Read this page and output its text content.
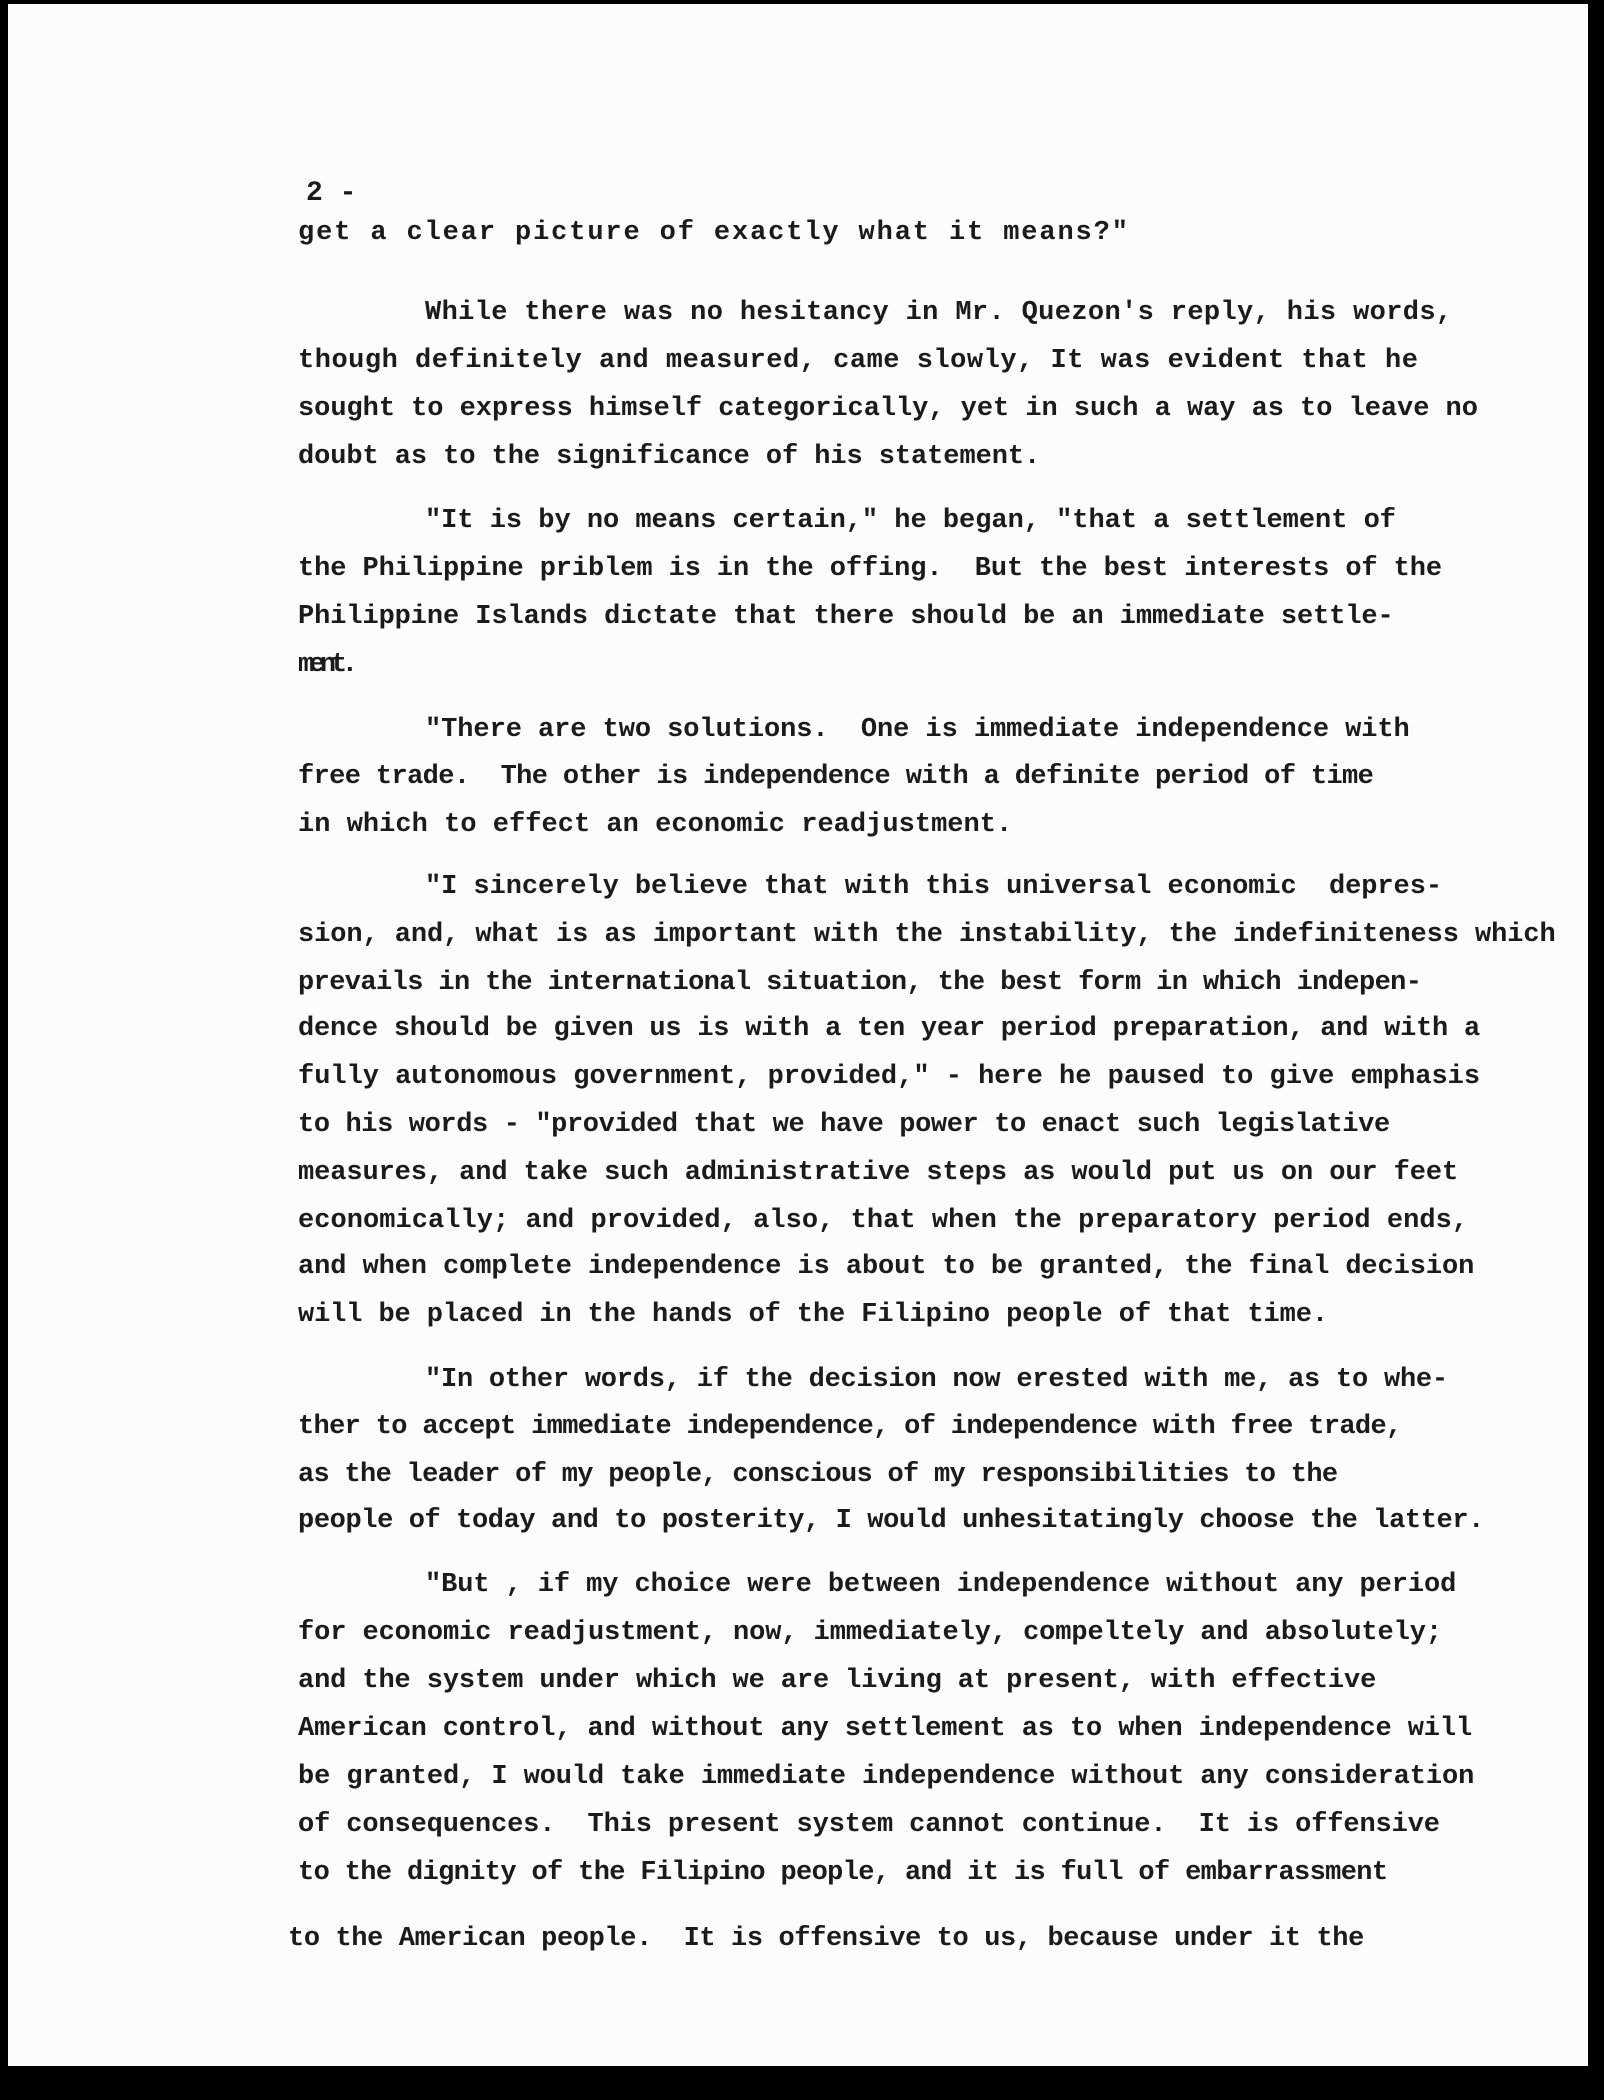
2 -

get a clear picture of exactly what it means?"

While there was no hesitancy in Mr. Quezon's reply, his words,

though definitely and measured, came slowly, It was evident that he

sought to express himself categorically, yet in such a way as to leave no

doubt as to the significance of his statement.

"It is by no means certain," he began, "that a settlement of

the Philippine priblem is in the offing.  But the best interests of the

Philippine Islands dictate that there should be an immediate settle-

ment.

"There are two solutions.  One is immediate independence with

free trade.  The other is independence with a definite period of time

in which to effect an economic readjustment.

"I sincerely believe that with this universal economic  depres-

sion, and, what is as important with the instability, the indefiniteness which

prevails in the international situation, the best form in which indepen-

dence should be given us is with a ten year period preparation, and with a

fully autonomous government, provided," - here he paused to give emphasis

to his words - "provided that we have power to enact such legislative

measures, and take such administrative steps as would put us on our feet

economically; and provided, also, that when the preparatory period ends,

and when complete independence is about to be granted, the final decision

will be placed in the hands of the Filipino people of that time.

"In other words, if the decision now erested with me, as to whe-

ther to accept immediate independence, of independence with free trade,

as the leader of my people, conscious of my responsibilities to the

people of today and to posterity, I would unhesitatingly choose the latter.

"But , if my choice were between independence without any period

for economic readjustment, now, immediately, compeltely and absolutely;

and the system under which we are living at present, with effective

American control, and without any settlement as to when independence will

be granted, I would take immediate independence without any consideration

of consequences.  This present system cannot continue.  It is offensive

to the dignity of the Filipino people, and it is full of embarrassment

to the American people.  It is offensive to us, because under it the
